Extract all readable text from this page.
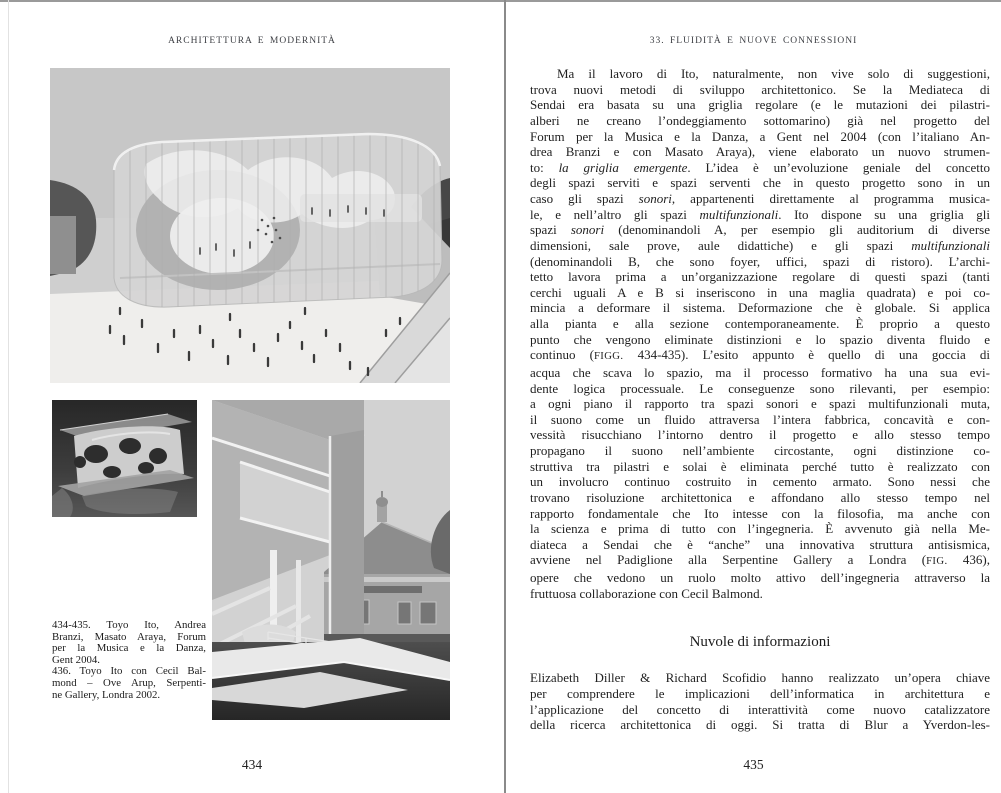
ARCHITETTURA E MODERNITÀ
434-435. Toyo Ito, Andrea
Branzi, Masato Araya, Forum
per la Musica e la Danza,
Gent 2004.
436. Toyo Ito con Cecil Bal-
mond – Ove Arup, Serpenti-
ne Gallery, Londra 2002.
434
33. FLUIDITÀ E NUOVE CONNESSIONI
Ma il lavoro di Ito, naturalmente, non vive solo di suggestioni,
trova nuovi metodi di sviluppo architettonico. Se la Mediateca di
Sendai era basata su una griglia regolare (e le mutazioni dei pilastri-
alberi ne creano l’ondeggiamento sottomarino) già nel progetto del
Forum per la Musica e la Danza, a Gent nel 2004 (con l’italiano An-
drea Branzi e con Masato Araya), viene elaborato un nuovo strumen-
to: la griglia emergente. L’idea è un’evoluzione geniale del concetto
degli spazi serviti e spazi serventi che in questo progetto sono in un
caso gli spazi sonori, appartenenti direttamente al programma musica-
le, e nell’altro gli spazi multifunzionali. Ito dispone su una griglia gli
spazi sonori (denominandoli A, per esempio gli auditorium di diverse
dimensioni, sale prove, aule didattiche) e gli spazi multifunzionali
(denominandoli B, che sono foyer, uffici, spazi di ristoro). L’archi-
tetto lavora prima a un’organizzazione regolare di questi spazi (tanti
cerchi uguali A e B si inseriscono in una maglia quadrata) e poi co-
mincia a deformare il sistema. Deformazione che è globale. Si applica
alla pianta e alla sezione contemporaneamente. È proprio a questo
punto che vengono eliminate distinzioni e lo spazio diventa fluido e
continuo (FIGG. 434-435). L’esito appunto è quello di una goccia di
acqua che scava lo spazio, ma il processo formativo ha una sua evi-
dente logica processuale. Le conseguenze sono rilevanti, per esempio:
a ogni piano il rapporto tra spazi sonori e spazi multifunzionali muta,
il suono come un fluido attraversa l’intera fabbrica, concavità e con-
vessità risucchiano l’intorno dentro il progetto e allo stesso tempo
propagano il suono nell’ambiente circostante, ogni distinzione co-
struttiva tra pilastri e solai è eliminata perché tutto è realizzato con
un involucro continuo costruito in cemento armato. Sono nessi che
trovano risoluzione architettonica e affondano allo stesso tempo nel
rapporto fondamentale che Ito intesse con la filosofia, ma anche con
la scienza e prima di tutto con l’ingegneria. È avvenuto già nella Me-
diateca a Sendai che è “anche” una innovativa struttura antisismica,
avviene nel Padiglione alla Serpentine Gallery a Londra (FIG. 436),
opere che vedono un ruolo molto attivo dell’ingegneria attraverso la
fruttuosa collaborazione con Cecil Balmond.
Nuvole di informazioni
Elizabeth Diller & Richard Scofidio hanno realizzato un’opera chiave
per comprendere le implicazioni dell’informatica in architettura e
l’applicazione del concetto di interattività come nuovo catalizzatore
della ricerca architettonica di oggi. Si tratta di Blur a Yverdon-les-
435
